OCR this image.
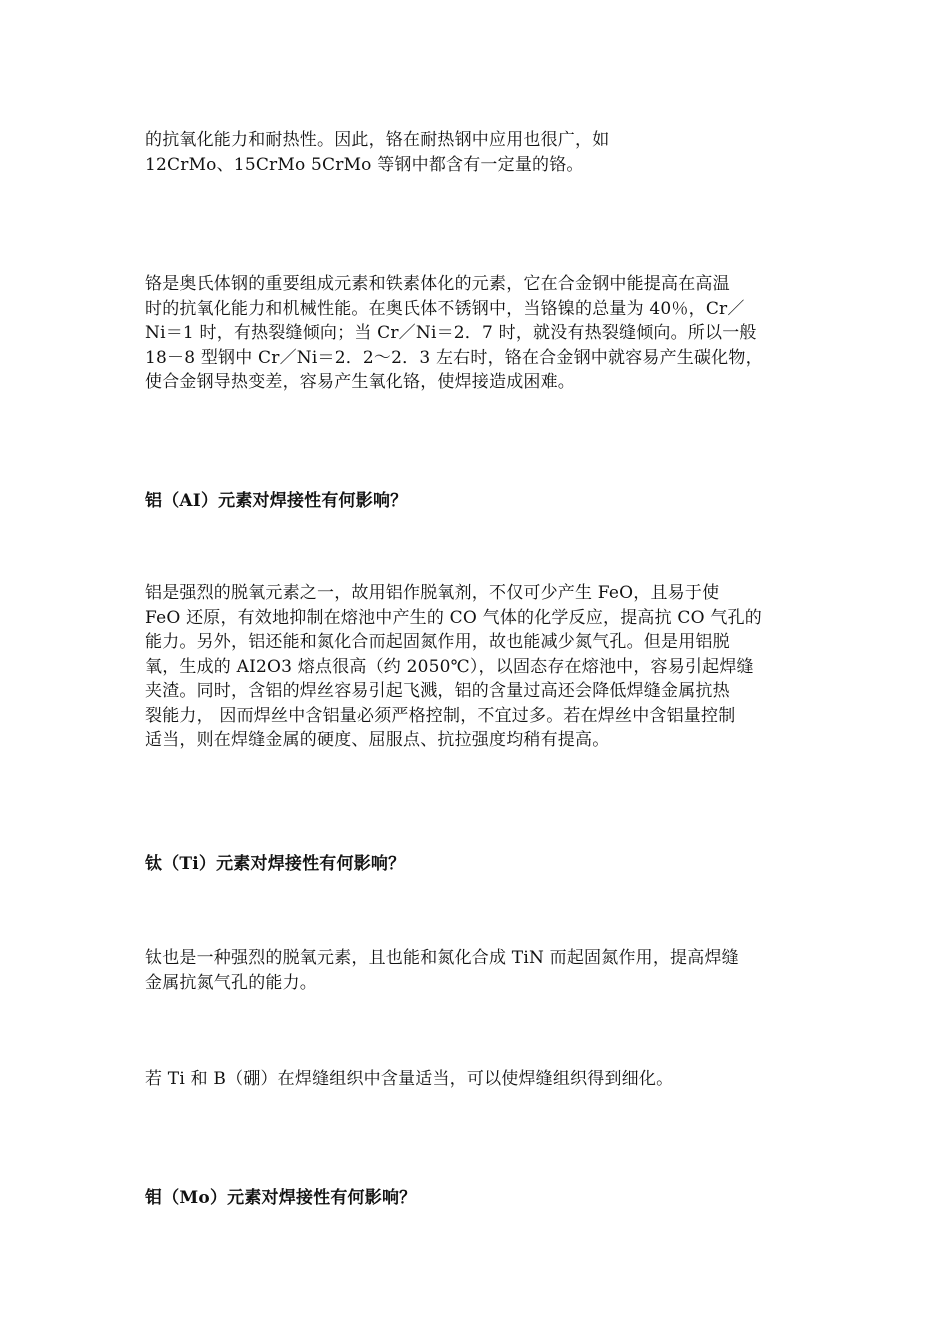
的抗氧化能力和耐热性。因此，铬在耐热钢中应用也很广，如
12CrMo、15CrMo 5CrMo 等钢中都含有一定量的铬。

铬是奥氏体钢的重要组成元素和铁素体化的元素，它在合金钢中能提高在高温
时的抗氧化能力和机械性能。在奥氏体不锈钢中，当铬镍的总量为 40％，Cr／
Ni＝1 时，有热裂缝倾向；当 Cr／Ni＝2．7 时，就没有热裂缝倾向。所以一般
18－8 型钢中 Cr／Ni＝2．2～2．3 左右时，铬在合金钢中就容易产生碳化物，
使合金钢导热变差，容易产生氧化铬，使焊接造成困难。

铝（AI）元素对焊接性有何影响？

铝是强烈的脱氧元素之一，故用铝作脱氧剂，不仅可少产生 FeO，且易于使
FeO 还原，有效地抑制在熔池中产生的 CO 气体的化学反应，提高抗 CO 气孔的
能力。另外，铝还能和氮化合而起固氮作用，故也能减少氮气孔。但是用铝脱
氧，生成的 AI2O3 熔点很高（约 2050℃），以固态存在熔池中，容易引起焊缝
夹渣。同时，含铝的焊丝容易引起飞溅，铝的含量过高还会降低焊缝金属抗热
裂能力， 因而焊丝中含铝量必须严格控制，不宜过多。若在焊丝中含铝量控制
适当，则在焊缝金属的硬度、屈服点、抗拉强度均稍有提高。

钛（Ti）元素对焊接性有何影响？

钛也是一种强烈的脱氧元素，且也能和氮化合成 TiN 而起固氮作用，提高焊缝
金属抗氮气孔的能力。

若 Ti 和 B（硼）在焊缝组织中含量适当，可以使焊缝组织得到细化。

钼（Mo）元素对焊接性有何影响？
